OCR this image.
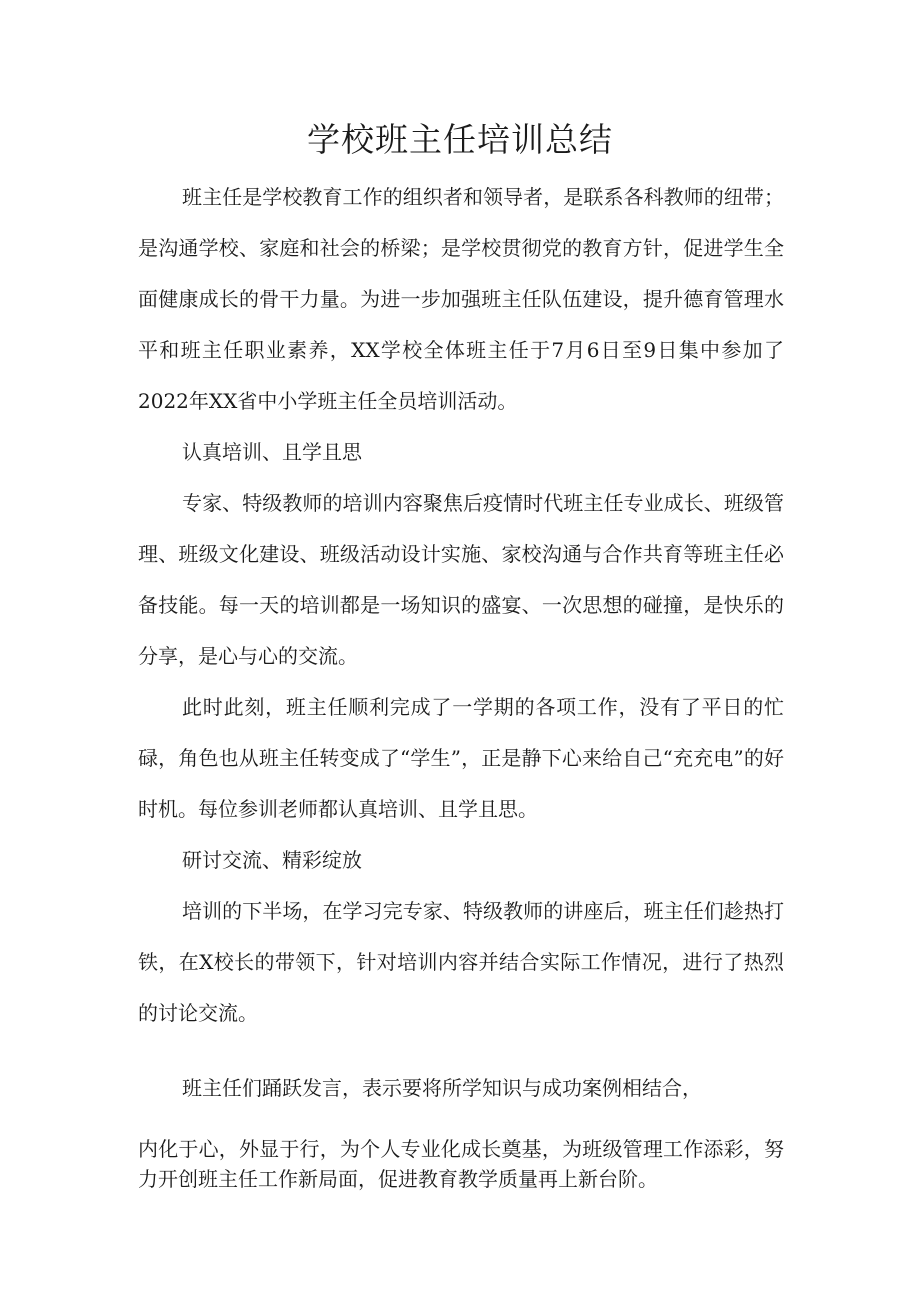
学校班主任培训总结

班主任是学校教育工作的组织者和领导者，是联系各科教师的纽带；是沟通学校、家庭和社会的桥梁；是学校贯彻党的教育方针，促进学生全面健康成长的骨干力量。为进一步加强班主任队伍建设，提升德育管理水平和班主任职业素养，XX学校全体班主任于7月6日至9日集中参加了2022年XX省中小学班主任全员培训活动。

认真培训、且学且思

专家、特级教师的培训内容聚焦后疫情时代班主任专业成长、班级管理、班级文化建设、班级活动设计实施、家校沟通与合作共育等班主任必备技能。每一天的培训都是一场知识的盛宴、一次思想的碰撞，是快乐的分享，是心与心的交流。

此时此刻，班主任顺利完成了一学期的各项工作，没有了平日的忙碌，角色也从班主任转变成了“学生”，正是静下心来给自己“充充电”的好时机。每位参训老师都认真培训、且学且思。

研讨交流、精彩绽放

培训的下半场，在学习完专家、特级教师的讲座后，班主任们趁热打铁，在X校长的带领下，针对培训内容并结合实际工作情况，进行了热烈的讨论交流。

班主任们踊跃发言，表示要将所学知识与成功案例相结合，

内化于心，外显于行，为个人专业化成长奠基，为班级管理工作添彩，努力开创班主任工作新局面，促进教育教学质量再上新台阶。
